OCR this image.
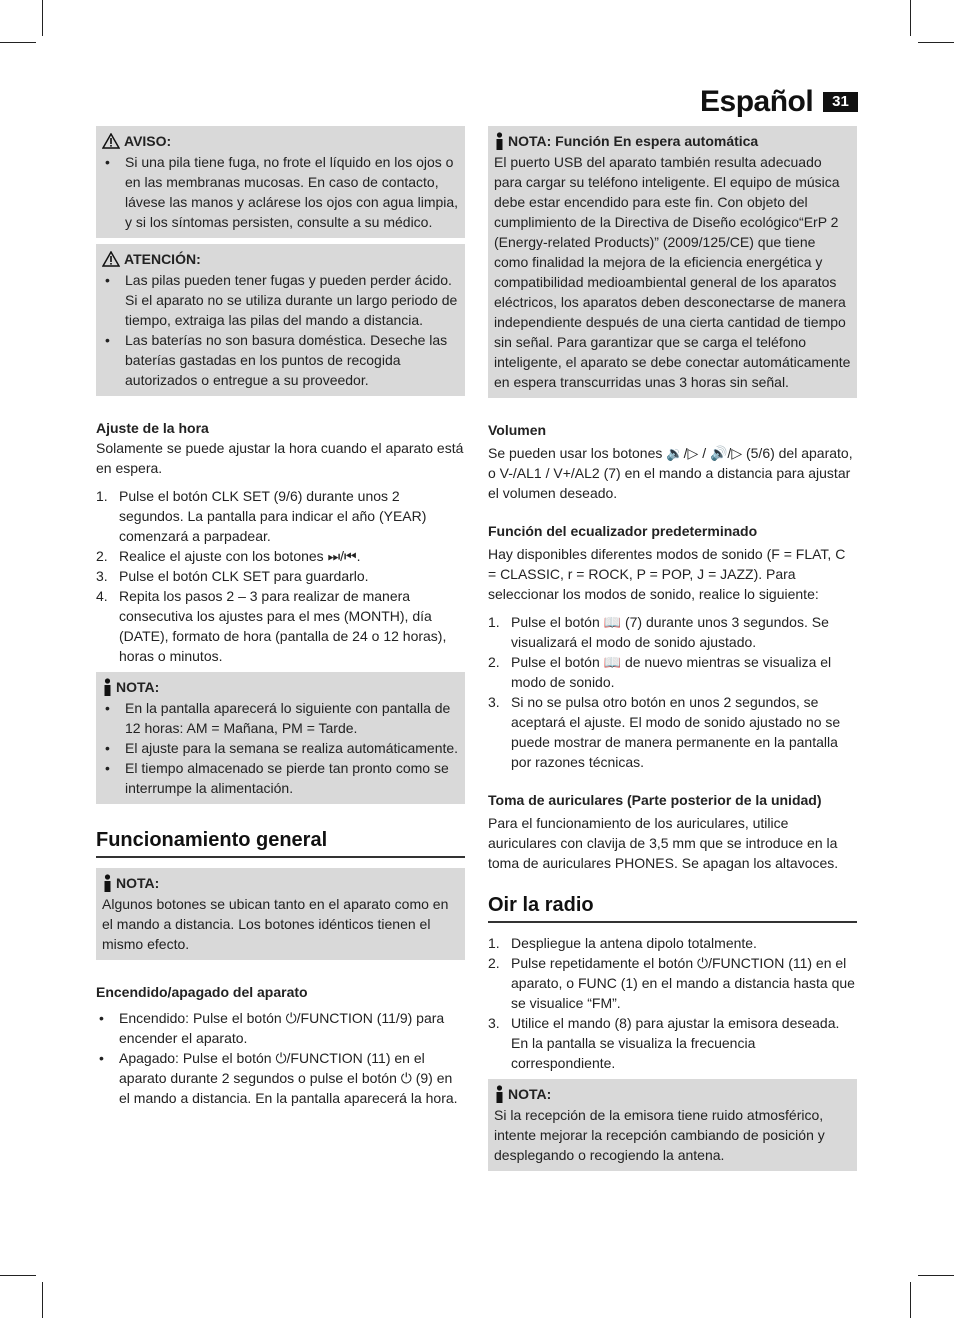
Español	31
AVISO:
• Si una pila tiene fuga, no frote el líquido en los ojos o en las membranas mucosas. En caso de contacto, lávese las manos y aclárese los ojos con agua limpia, y si los síntomas persisten, consulte a su médico.
ATENCIÓN:
• Las pilas pueden tener fugas y pueden perder ácido. Si el aparato no se utiliza durante un largo periodo de tiempo, extraiga las pilas del mando a distancia.
• Las baterías no son basura doméstica. Deseche las baterías gastadas en los puntos de recogida autorizados o entregue a su proveedor.
Ajuste de la hora

Solamente se puede ajustar la hora cuando el aparato está en espera.

1. Pulse el botón CLK SET (9/6) durante unos 2 segundos. La pantalla para indicar el año (YEAR) comenzará a parpadear.
2. Realice el ajuste con los botones ⏭/⏮.
3. Pulse el botón CLK SET para guardarlo.
4. Repita los pasos 2 – 3 para realizar de manera consecutiva los ajustes para el mes (MONTH), día (DATE), formato de hora (pantalla de 24 o 12 horas), horas o minutos.
NOTA:
• En la pantalla aparecerá lo siguiente con pantalla de 12 horas: AM = Mañana, PM = Tarde.
• El ajuste para la semana se realiza automáticamente.
• El tiempo almacenado se pierde tan pronto como se interrumpe la alimentación.
Funcionamiento general
NOTA:

Algunos botones se ubican tanto en el aparato como en el mando a distancia. Los botones idénticos tienen el mismo efecto.

Encendido/apagado del aparato
• Encendido: Pulse el botón ⏻/FUNCTION (11/9) para encender el aparato.
• Apagado: Pulse el botón ⏻/FUNCTION (11) en el aparato durante 2 segundos o pulse el botón ⏻ (9) en el mando a distancia. En la pantalla aparecerá la hora.
NOTA: Función En espera automática

El puerto USB del aparato también resulta adecuado para cargar su teléfono inteligente. El equipo de música debe estar encendido para este fin. Con objeto del cumplimiento de la Directiva de Diseño ecológico“ErP 2 (Energy-related Products)” (2009/125/CE) que tiene como finalidad la mejora de la eficiencia energética y compatibilidad medioambiental general de los aparatos eléctricos, los aparatos deben desconectarse de manera independiente después de una cierta cantidad de tiempo sin señal. Para garantizar que se carga el teléfono inteligente, el aparato se debe conectar automáticamente en espera transcurridas unas 3 horas sin señal.

Volumen

Se pueden usar los botones 🔉/▷ / 🔊/▷ (5/6) del aparato, o V-/AL1 / V+/AL2 (7) en el mando a distancia para ajustar el volumen deseado.

Función del ecualizador predeterminado

Hay disponibles diferentes modos de sonido (F = FLAT, C = CLASSIC, r = ROCK, P = POP, J = JAZZ). Para seleccionar los modos de sonido, realice lo siguiente:

1. Pulse el botón 📖 (7) durante unos 3 segundos. Se visualizará el modo de sonido ajustado.
2. Pulse el botón 📖 de nuevo mientras se visualiza el modo de sonido.
3. Si no se pulsa otro botón en unos 2 segundos, se aceptará el ajuste. El modo de sonido ajustado no se puede mostrar de manera permanente en la pantalla por razones técnicas.
Toma de auriculares (Parte posterior de la unidad)

Para el funcionamiento de los auriculares, utilice auriculares con clavija de 3,5 mm que se introduce en la toma de auriculares PHONES. Se apagan los altavoces.

Oir la radio
1. Despliegue la antena dipolo totalmente.
2. Pulse repetidamente el botón ⏻/FUNCTION (11) en el aparato, o FUNC (1) en el mando a distancia hasta que se visualice “FM”.
3. Utilice el mando (8) para ajustar la emisora deseada. En la pantalla se visualiza la frecuencia correspondiente.
NOTA:

Si la recepción de la emisora tiene ruido atmosférico, intente mejorar la recepción cambiando de posición y desplegando o recogiendo la antena.
